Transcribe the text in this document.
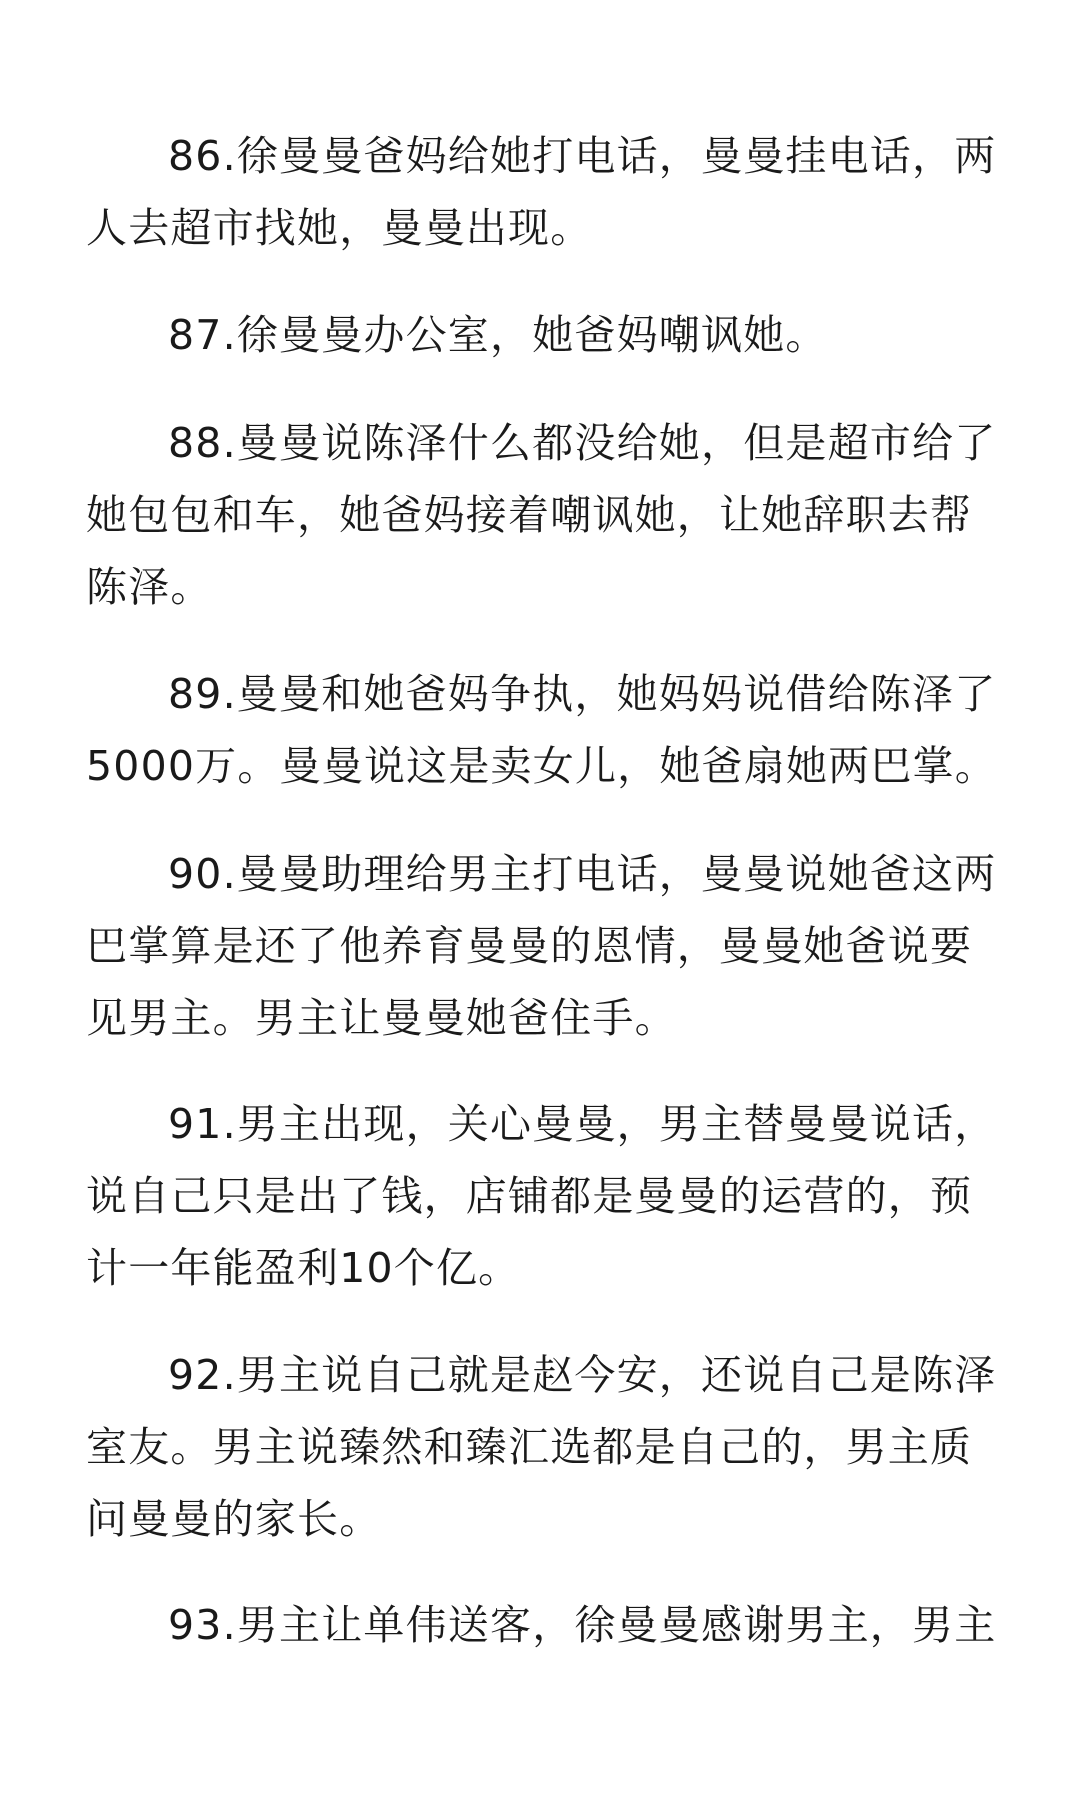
86.徐曼曼爸妈给她打电话，曼曼挂电话，两人去超市找她，曼曼出现。

87.徐曼曼办公室，她爸妈嘲讽她。

88.曼曼说陈泽什么都没给她，但是超市给了她包包和车，她爸妈接着嘲讽她，让她辞职去帮陈泽。

89.曼曼和她爸妈争执，她妈妈说借给陈泽了5000万。曼曼说这是卖女儿，她爸扇她两巴掌。

90.曼曼助理给男主打电话，曼曼说她爸这两巴掌算是还了他养育曼曼的恩情，曼曼她爸说要见男主。男主让曼曼她爸住手。

91.男主出现，关心曼曼，男主替曼曼说话，说自己只是出了钱，店铺都是曼曼的运营的，预计一年能盈利10个亿。

92.男主说自己就是赵今安，还说自己是陈泽室友。男主说臻然和臻汇选都是自己的，男主质问曼曼的家长。

93.男主让单伟送客，徐曼曼感谢男主，男主
